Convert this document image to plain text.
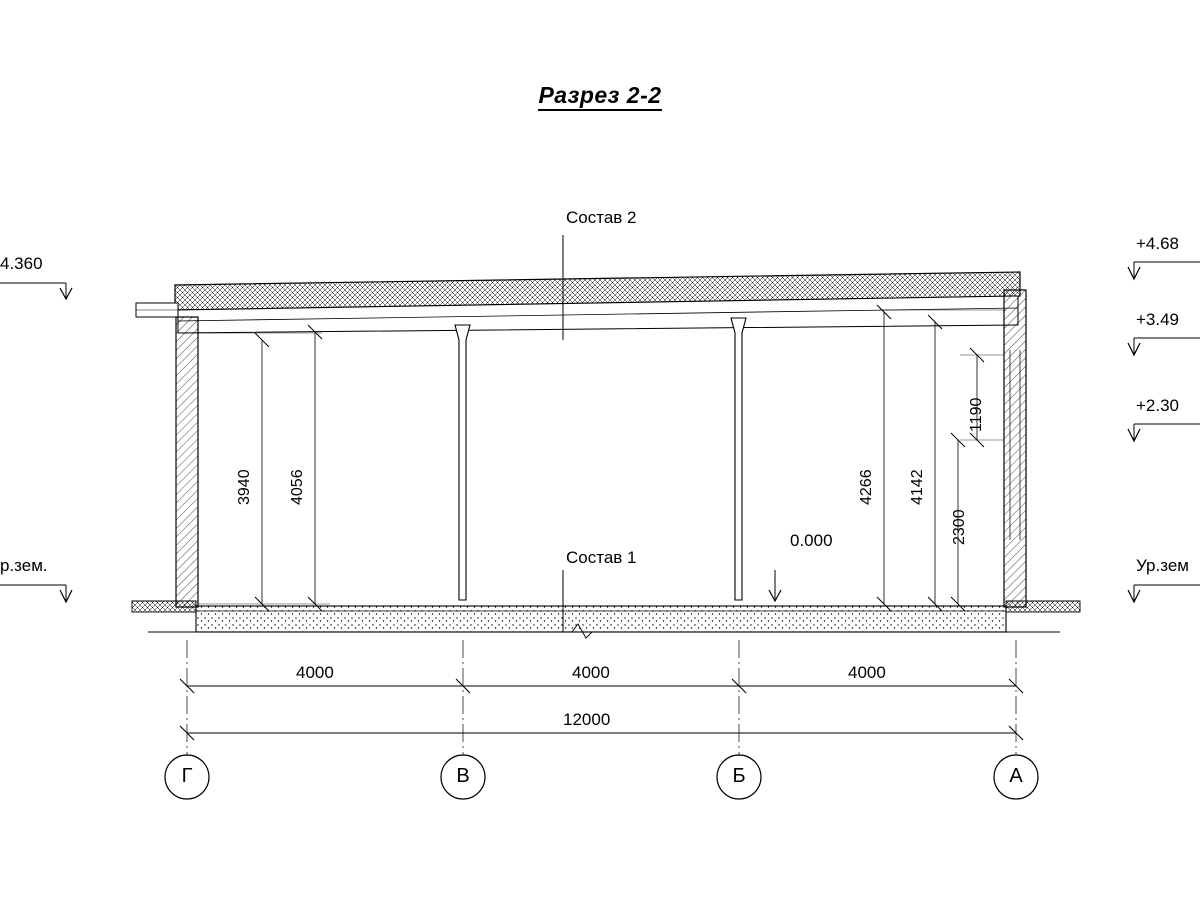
Разрез 2-2
Состав 2
Состав 1
0.000
4.360
р.зем.
+4.68
+3.49
+2.30
Ур.зем
3940 4056	4266 4142
1190
2300
4000	4000	4000
12000
Г	В	Б	А
